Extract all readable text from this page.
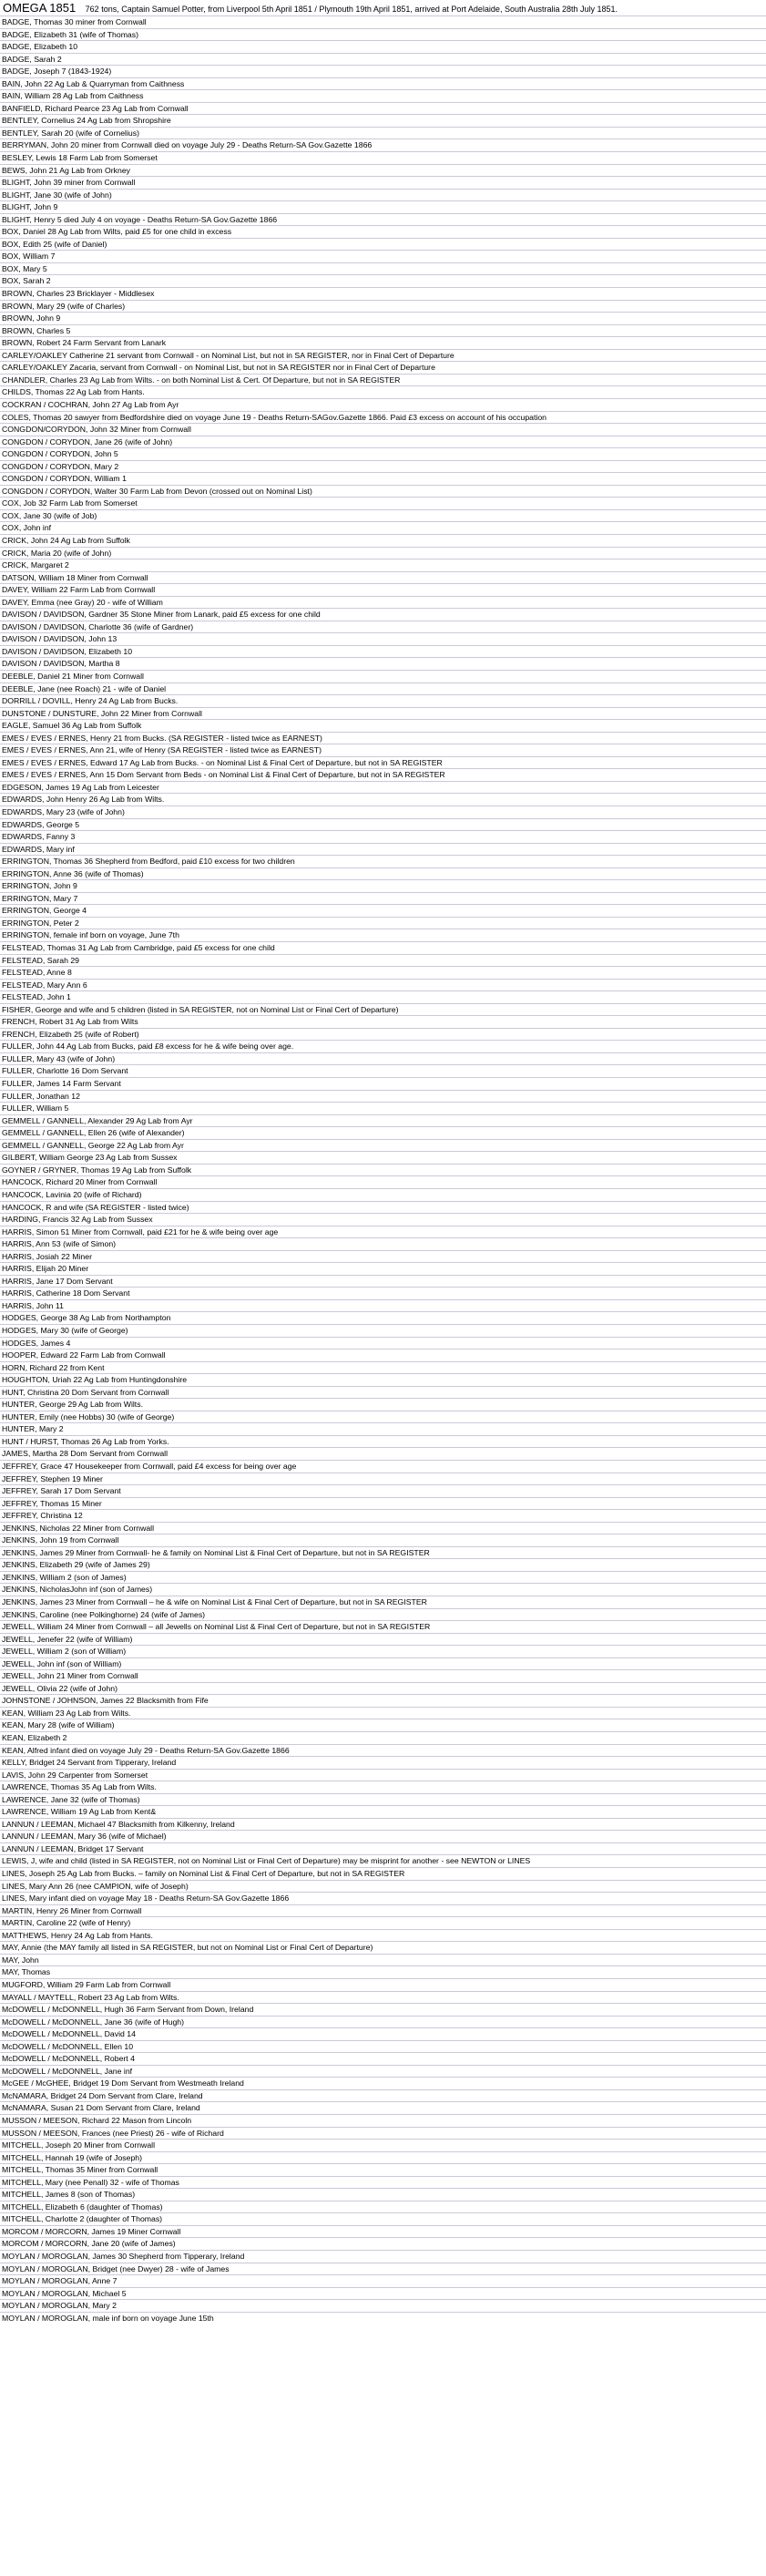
OMEGA 1851 762 tons, Captain Samuel Potter, from Liverpool 5th April 1851 / Plymouth 19th April 1851, arrived at Port Adelaide, South Australia 28th July 1851.
BADGE, Thomas 30 miner from Cornwall
BADGE, Elizabeth 31 (wife of Thomas)
BADGE, Elizabeth 10
BADGE, Sarah 2
BADGE, Joseph 7 (1843-1924)
BAIN, John 22 Ag Lab & Quarryman from Caithness
BAIN, William 28 Ag Lab from Caithness
BANFIELD, Richard Pearce 23 Ag Lab from Cornwall
BENTLEY, Cornelius 24 Ag Lab from Shropshire
BENTLEY, Sarah 20 (wife of Cornelius)
BERRYMAN, John 20 miner from Cornwall died on voyage July 29 - Deaths Return-SA Gov.Gazette 1866
BESLEY, Lewis 18 Farm Lab from Somerset
BEWS, John 21 Ag Lab from Orkney
BLIGHT, John 39 miner from Cornwall
BLIGHT, Jane 30 (wife of John)
BLIGHT, John 9
BLIGHT, Henry 5 died July 4 on voyage - Deaths Return-SA Gov.Gazette 1866
BOX, Daniel 28 Ag Lab from Wilts, paid £5 for one child in excess
BOX, Edith 25 (wife of Daniel)
BOX, William 7
BOX, Mary 5
BOX, Sarah 2
BROWN, Charles 23 Bricklayer - Middlesex
BROWN, Mary 29 (wife of Charles)
BROWN, John 9
BROWN, Charles 5
BROWN, Robert 24 Farm Servant from Lanark
CARLEY/OAKLEY Catherine 21 servant from Cornwall - on Nominal List, but not in SA REGISTER, nor in Final Cert of Departure
CARLEY/OAKLEY Zacaria, servant from Cornwall - on Nominal List, but not in SA REGISTER nor in Final Cert of Departure
CHANDLER, Charles 23 Ag Lab from Wilts. - on both Nominal List & Cert. Of Departure, but not in SA REGISTER
CHILDS, Thomas 22 Ag Lab from Hants.
COCKRAN / COCHRAN, John 27 Ag Lab from Ayr
COLES, Thomas 20 sawyer from Bedfordshire died on voyage June 19 - Deaths Return-SAGov.Gazette 1866. Paid £3 excess on account of his occupation
CONGDON/CORYDON, John 32 Miner from Cornwall
CONGDON / CORYDON, Jane 26 (wife of John)
CONGDON / CORYDON, John 5
CONGDON / CORYDON, Mary 2
CONGDON / CORYDON, William 1
CONGDON / CORYDON, Walter 30 Farm Lab from Devon (crossed out on Nominal List)
COX, Job 32 Farm Lab from Somerset
COX, Jane 30 (wife of Job)
COX, John inf
CRICK, John 24 Ag Lab from Suffolk
CRICK, Maria 20 (wife of John)
CRICK, Margaret 2
DATSON, William 18 Miner from Cornwall
DAVEY, William 22 Farm Lab from Cornwall
DAVEY, Emma (nee Gray) 20 - wife of William
DAVISON / DAVIDSON, Gardner 35 Stone Miner from Lanark, paid £5 excess for one child
DAVISON / DAVIDSON, Charlotte 36 (wife of Gardner)
DAVISON / DAVIDSON, John 13
DAVISON / DAVIDSON, Elizabeth 10
DAVISON / DAVIDSON, Martha 8
DEEBLE, Daniel 21 Miner from Cornwall
DEEBLE, Jane (nee Roach) 21 - wife of Daniel
DORRILL / DOVILL, Henry 24 Ag Lab from Bucks.
DUNSTONE / DUNSTURE, John 22 Miner from Cornwall
EAGLE, Samuel 36 Ag Lab from Suffolk
EMES / EVES / ERNES, Henry 21 from Bucks. (SA REGISTER - listed twice as EARNEST)
EMES / EVES / ERNES, Ann 21, wife of Henry (SA REGISTER - listed twice as EARNEST)
EMES / EVES / ERNES, Edward 17 Ag Lab from Bucks. - on Nominal List & Final Cert of Departure, but not in SA REGISTER
EMES / EVES / ERNES, Ann 15 Dom Servant from Beds - on Nominal List & Final Cert of Departure, but not in SA REGISTER
EDGESON, James 19 Ag Lab from Leicester
EDWARDS, John Henry 26 Ag Lab from Wilts.
EDWARDS, Mary 23 (wife of John)
EDWARDS, George 5
EDWARDS, Fanny 3
EDWARDS, Mary inf
ERRINGTON, Thomas 36 Shepherd from Bedford, paid £10 excess for two children
ERRINGTON, Anne 36 (wife of Thomas)
ERRINGTON, John 9
ERRINGTON, Mary 7
ERRINGTON, George 4
ERRINGTON, Peter 2
ERRINGTON, female inf born on voyage, June 7th
FELSTEAD, Thomas 31 Ag Lab from Cambridge, paid £5 excess for one child
FELSTEAD, Sarah 29
FELSTEAD, Anne 8
FELSTEAD, Mary Ann 6
FELSTEAD, John 1
FISHER, George and wife and 5 children (listed in SA REGISTER, not on Nominal List or Final Cert of Departure)
FRENCH, Robert 31 Ag Lab from Wilts
FRENCH, Elizabeth 25 (wife of Robert)
FULLER, John 44 Ag Lab from Bucks, paid £8 excess for he & wife being over age.
FULLER, Mary 43 (wife of John)
FULLER, Charlotte 16 Dom Servant
FULLER, James 14 Farm Servant
FULLER, Jonathan 12
FULLER, William 5
GEMMELL / GANNELL, Alexander 29 Ag Lab from Ayr
GEMMELL / GANNELL, Ellen 26 (wife of Alexander)
GEMMELL / GANNELL, George 22 Ag Lab from Ayr
GILBERT, William George 23 Ag Lab from Sussex
GOYNER / GRYNER, Thomas 19 Ag Lab from Suffolk
HANCOCK, Richard 20 Miner from Cornwall
HANCOCK, Lavinia 20 (wife of Richard)
HANCOCK, R and wife (SA REGISTER - listed twice)
HARDING, Francis 32 Ag Lab from Sussex
HARRIS, Simon 51 Miner from Cornwall, paid £21 for he & wife being over age
HARRIS, Ann 53 (wife of Simon)
HARRIS, Josiah 22 Miner
HARRIS, Elijah 20 Miner
HARRIS, Jane 17 Dom Servant
HARRIS, Catherine 18 Dom Servant
HARRIS, John 11
HODGES, George 38 Ag Lab from Northampton
HODGES, Mary 30 (wife of George)
HODGES, James 4
HOOPER, Edward 22 Farm Lab from Cornwall
HORN, Richard 22 from Kent
HOUGHTON, Uriah 22 Ag Lab from Huntingdonshire
HUNT, Christina 20 Dom Servant from Cornwall
HUNTER, George 29 Ag Lab from Wilts.
HUNTER, Emily (nee Hobbs) 30 (wife of George)
HUNTER, Mary 2
HUNT / HURST, Thomas 26 Ag Lab from Yorks.
JAMES, Martha 28 Dom Servant from Cornwall
JEFFREY, Grace 47 Housekeeper from Cornwall, paid £4 excess for being over age
JEFFREY, Stephen 19 Miner
JEFFREY, Sarah 17 Dom Servant
JEFFREY, Thomas 15 Miner
JEFFREY, Christina 12
JENKINS, Nicholas 22 Miner from Cornwall
JENKINS, John 19 from Cornwall
JENKINS, James 29 Miner from Cornwall- he & family on Nominal List & Final Cert of Departure, but not in SA REGISTER
JENKINS, Elizabeth 29 (wife of James 29)
JENKINS, William 2 (son of James)
JENKINS, NicholasJohn inf (son of James)
JENKINS, James 23 Miner from Cornwall – he & wife on Nominal List & Final Cert of Departure, but not in SA REGISTER
JENKINS, Caroline (nee Polkinghorne) 24 (wife of James)
JEWELL, William 24 Miner from Cornwall – all Jewells on Nominal List & Final Cert of Departure, but not in SA REGISTER
JEWELL, Jenefer 22 (wife of William)
JEWELL, William 2 (son of William)
JEWELL, John inf (son of William)
JEWELL, John 21 Miner from Cornwall
JEWELL, Olivia 22 (wife of John)
JOHNSTONE / JOHNSON, James 22 Blacksmith from Fife
KEAN, William 23 Ag Lab from Wilts.
KEAN, Mary 28 (wife of William)
KEAN, Elizabeth 2
KEAN, Alfred infant died on voyage July 29 - Deaths Return-SA Gov.Gazette 1866
KELLY, Bridget 24 Servant from Tipperary, Ireland
LAVIS, John 29 Carpenter from Somerset
LAWRENCE, Thomas 35 Ag Lab from Wilts.
LAWRENCE, Jane 32 (wife of Thomas)
LAWRENCE, William 19 Ag Lab from Kent&
LANNUN / LEEMAN, Michael 47 Blacksmith from Kilkenny, Ireland
LANNUN / LEEMAN, Mary 36 (wife of Michael)
LANNUN / LEEMAN, Bridget 17 Servant
LEWIS, J, wife and child (listed in SA REGISTER, not on Nominal List or Final Cert of Departure) may be misprint for another - see NEWTON or LINES
LINES, Joseph 25 Ag Lab from Bucks. – family on Nominal List & Final Cert of Departure, but not in SA REGISTER
LINES, Mary Ann 26 (nee CAMPION, wife of Joseph)
LINES, Mary infant died on voyage May 18 - Deaths Return-SA Gov.Gazette 1866
MARTIN, Henry 26 Miner from Cornwall
MARTIN, Caroline 22 (wife of Henry)
MATTHEWS, Henry 24 Ag Lab from Hants.
MAY, Annie (the MAY family all listed in SA REGISTER, but not on Nominal List or Final Cert of Departure)
MAY, John
MAY, Thomas
MUGFORD, William 29 Farm Lab from Cornwall
MAYALL / MAYTELL, Robert 23 Ag Lab from Wilts.
McDOWELL / McDONNELL, Hugh 36 Farm Servant from Down, Ireland
McDOWELL / McDONNELL, Jane 36 (wife of Hugh)
McDOWELL / McDONNELL, David 14
McDOWELL / McDONNELL, Ellen 10
McDOWELL / McDONNELL, Robert 4
McDOWELL / McDONNELL, Jane inf
McGEE / McGHEE, Bridget 19 Dom Servant from Westmeath Ireland
McNAMARA, Bridget 24 Dom Servant from Clare, Ireland
McNAMARA, Susan 21 Dom Servant from Clare, Ireland
MUSSON / MEESON, Richard 22 Mason from Lincoln
MUSSON / MEESON, Frances (nee Priest) 26 - wife of Richard
MITCHELL, Joseph 20 Miner from Cornwall
MITCHELL, Hannah 19 (wife of Joseph)
MITCHELL, Thomas 35 Miner from Cornwall
MITCHELL, Mary (nee Penall) 32 - wife of Thomas
MITCHELL, James 8 (son of Thomas)
MITCHELL, Elizabeth 6 (daughter of Thomas)
MITCHELL, Charlotte 2 (daughter of Thomas)
MORCOM / MORCORN, James 19 Miner Cornwall
MORCOM / MORCORN, Jane 20 (wife of James)
MOYLAN / MOROGLAN, James 30 Shepherd from Tipperary, Ireland
MOYLAN / MOROGLAN, Bridget (nee Dwyer) 28 - wife of James
MOYLAN / MOROGLAN, Anne 7
MOYLAN / MOROGLAN, Michael 5
MOYLAN / MOROGLAN, Mary 2
MOYLAN / MOROGLAN, male inf born on voyage June 15th
